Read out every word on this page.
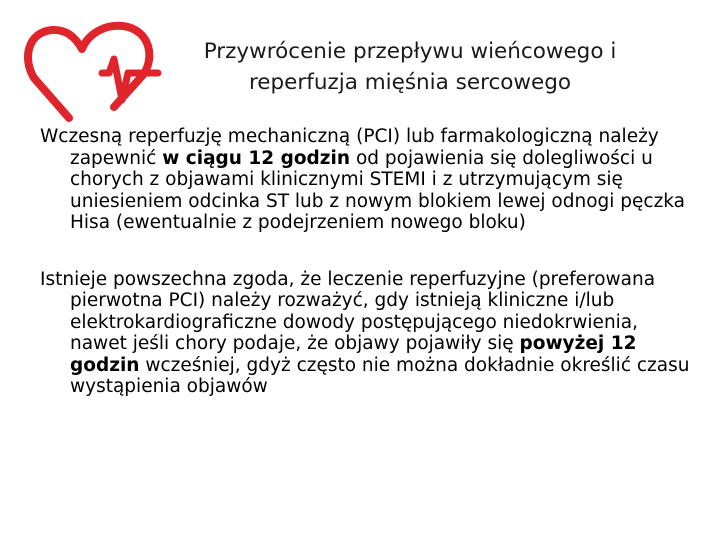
Przywrócenie przepływu wieńcowego i
reperfuzja mięśnia sercowego

Wczesną reperfuzję mechaniczną (PCI) lub farmakologiczną należy zapewnić w ciągu 12 godzin od pojawienia się dolegliwości u chorych z objawami klinicznymi STEMI i z utrzymującym się uniesieniem odcinka ST lub z nowym blokiem lewej odnogi pęczka Hisa (ewentualnie z podejrzeniem nowego bloku)

Istnieje powszechna zgoda, że leczenie reperfuzyjne (preferowana pierwotna PCI) należy rozważyć, gdy istnieją kliniczne i/lub elektrokardiograficzne dowody postępującego niedokrwienia, nawet jeśli chory podaje, że objawy pojawiły się powyżej 12 godzin wcześniej, gdyż często nie można dokładnie określić czasu wystąpienia objawów
